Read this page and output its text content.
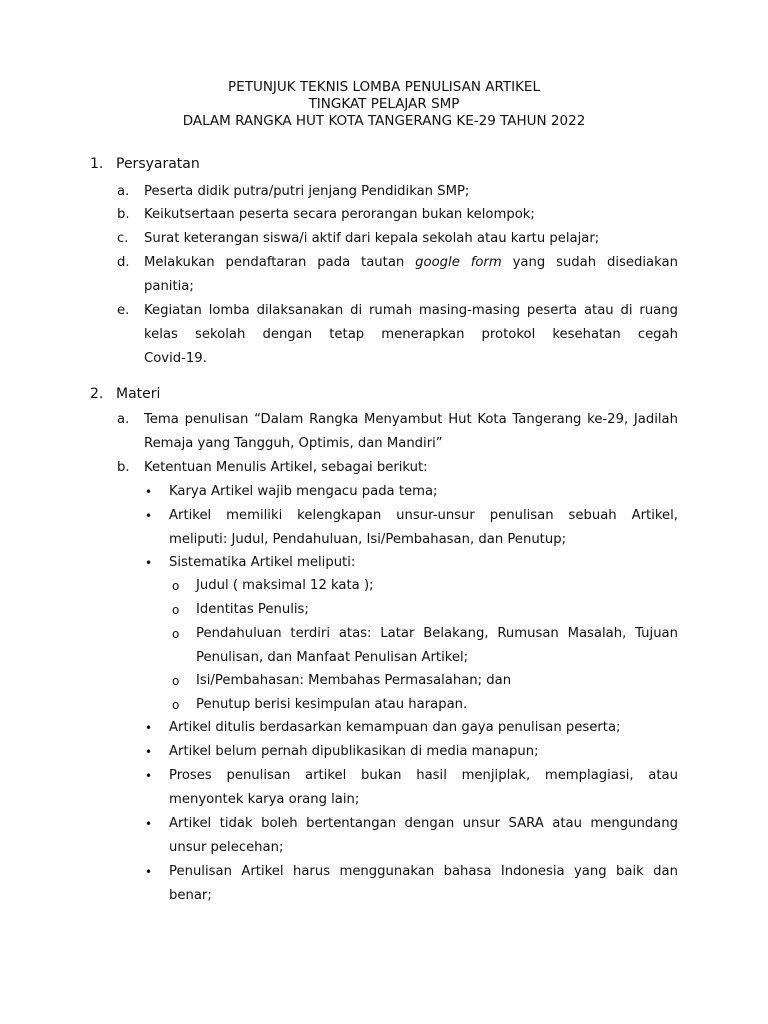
PETUNJUK TEKNIS LOMBA PENULISAN ARTIKEL
TINGKAT PELAJAR SMP
DALAM RANGKA HUT KOTA TANGERANG KE-29 TAHUN 2022
1. Persyaratan
a. Peserta didik putra/putri jenjang Pendidikan SMP;
b. Keikutsertaan peserta secara perorangan bukan kelompok;
c. Surat keterangan siswa/i aktif dari kepala sekolah atau kartu pelajar;
d. Melakukan pendaftaran pada tautan google form yang sudah disediakan
panitia;
e. Kegiatan lomba dilaksanakan di rumah masing-masing peserta atau di ruang
kelas sekolah dengan tetap menerapkan protokol kesehatan cegah
Covid-19.
2. Materi
a. Tema penulisan “Dalam Rangka Menyambut Hut Kota Tangerang ke-29, Jadilah
Remaja yang Tangguh, Optimis, dan Mandiri”
b. Ketentuan Menulis Artikel, sebagai berikut:
• Karya Artikel wajib mengacu pada tema;
• Artikel memiliki kelengkapan unsur-unsur penulisan sebuah Artikel,
meliputi: Judul, Pendahuluan, Isi/Pembahasan, dan Penutup;
• Sistematika Artikel meliputi:
o Judul ( maksimal 12 kata );
o Identitas Penulis;
o Pendahuluan terdiri atas: Latar Belakang, Rumusan Masalah, Tujuan
Penulisan, dan Manfaat Penulisan Artikel;
o Isi/Pembahasan: Membahas Permasalahan; dan
o Penutup berisi kesimpulan atau harapan.
• Artikel ditulis berdasarkan kemampuan dan gaya penulisan peserta;
• Artikel belum pernah dipublikasikan di media manapun;
• Proses penulisan artikel bukan hasil menjiplak, memplagiasi, atau
menyontek karya orang lain;
• Artikel tidak boleh bertentangan dengan unsur SARA atau mengundang
unsur pelecehan;
• Penulisan Artikel harus menggunakan bahasa Indonesia yang baik dan
benar;
